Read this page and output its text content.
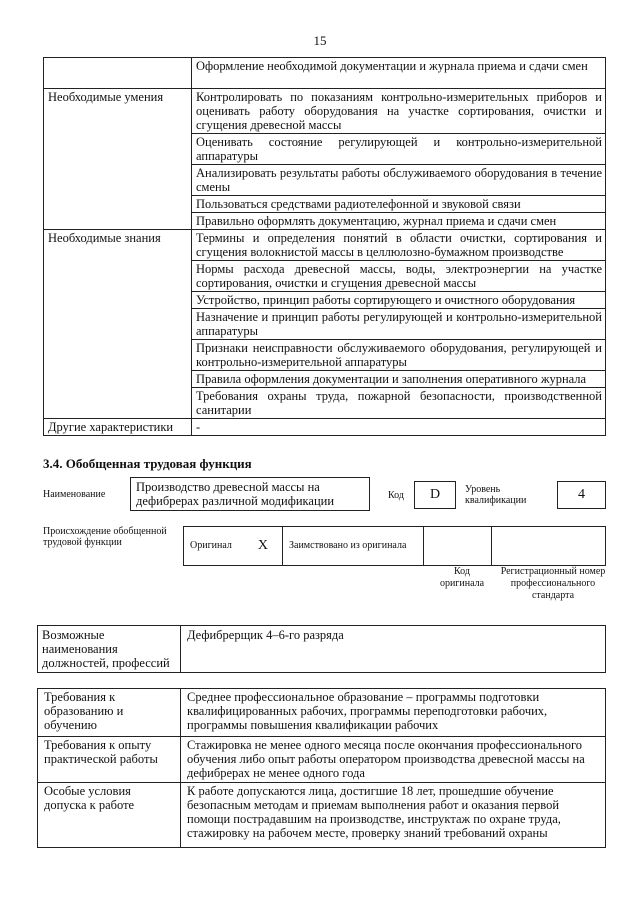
15
	Оформление необходимой документации и журнала приема и сдачи смен
Необходимые умения	Контролировать по показаниям контрольно-измерительных приборов и оценивать работу оборудования на участке сортирования, очистки и сгущения древесной массы
	Оценивать состояние регулирующей и контрольно-измерительной аппаратуры
	Анализировать результаты работы обслуживаемого оборудования в течение смены
	Пользоваться средствами радиотелефонной и звуковой связи
	Правильно оформлять документацию, журнал приема и сдачи смен
Необходимые знания	Термины и определения понятий в области очистки, сортирования и сгущения волокнистой массы в целлюлозно-бумажном производстве
	Нормы расхода древесной массы, воды, электроэнергии на участке сортирования, очистки и сгущения древесной массы
	Устройство, принцип работы сортирующего и очистного оборудования
	Назначение и принцип работы регулирующей и контрольно-измерительной аппаратуры
	Признаки неисправности обслуживаемого оборудования, регулирующей и контрольно-измерительной аппаратуры
	Правила оформления документации и заполнения оперативного журнала
	Требования охраны труда, пожарной безопасности, производственной санитарии
Другие характеристики	-
3.4. Обобщенная трудовая функция
Наименование
Производство древесной массы на дефибрерах различной модификации	Код	D	Уровень квалификации	4
Происхождение обобщенной трудовой функции	Оригинал X	Заимствовано из оригинала		
Код оригинала
Регистрационный номер профессионального стандарта
Возможные наименования должностей, профессий	Дефибрерщик 4–6-го разряда
Требования к образованию и обучению	Среднее профессиональное образование – программы подготовки квалифицированных рабочих, программы переподготовки рабочих, программы повышения квалификации рабочих
Требования к опыту практической работы	Стажировка не менее одного месяца после окончания профессионального обучения либо опыт работы оператором производства древесной массы на дефибрерах не менее одного года
Особые условия допуска к работе	К работе допускаются лица, достигшие 18 лет, прошедшие обучение безопасным методам и приемам выполнения работ и оказания первой помощи пострадавшим на производстве, инструктаж по охране труда, стажировку на рабочем месте, проверку знаний требований охраны
